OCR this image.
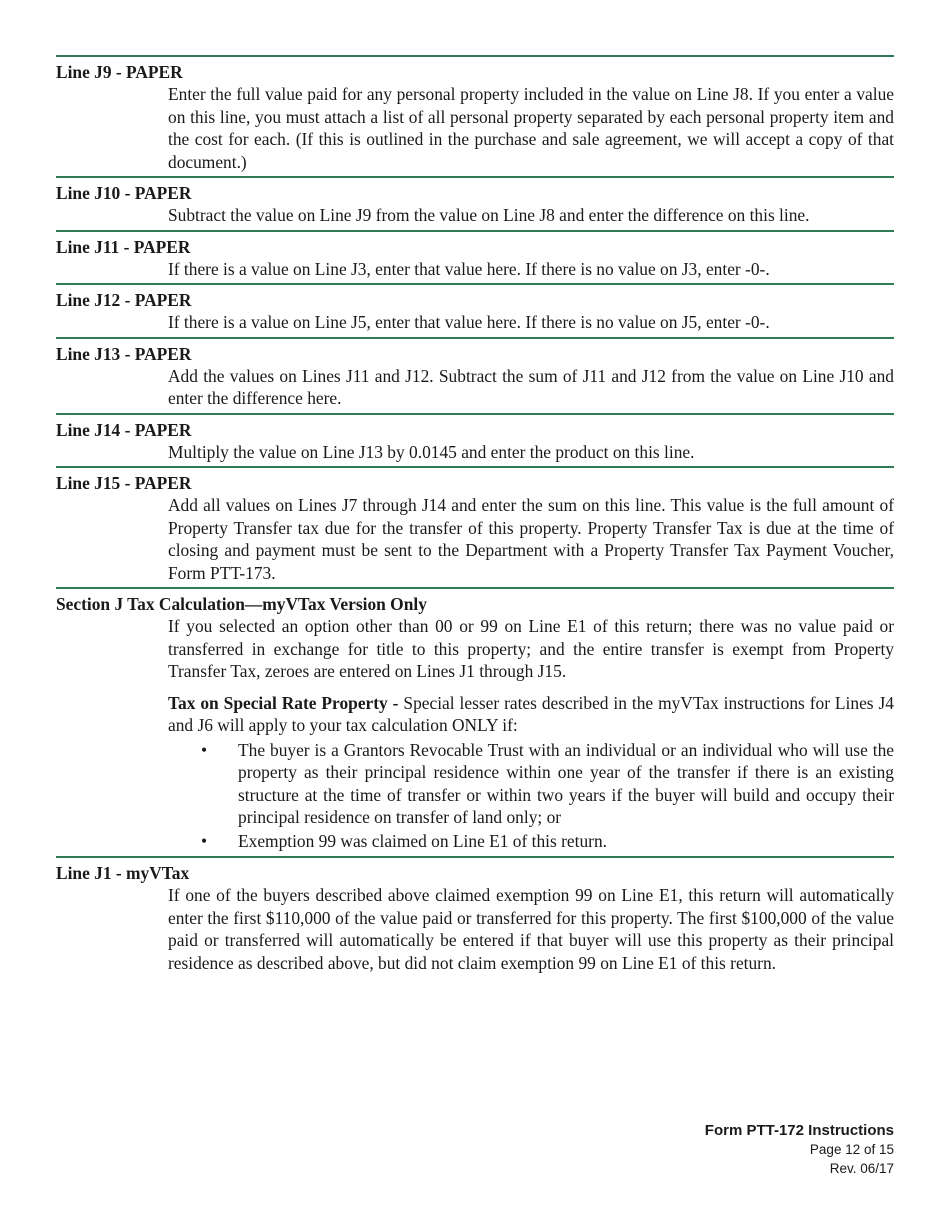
Line J9 - PAPER

Enter the full value paid for any personal property included in the value on Line J8. If you enter a value on this line, you must attach a list of all personal property separated by each personal property item and the cost for each. (If this is outlined in the purchase and sale agreement, we will accept a copy of that document.)

Line J10 - PAPER

Subtract the value on Line J9 from the value on Line J8 and enter the difference on this line.

Line J11 - PAPER

If there is a value on Line J3, enter that value here. If there is no value on J3, enter -0-.

Line J12 - PAPER

If there is a value on Line J5, enter that value here. If there is no value on J5, enter -0-.

Line J13 - PAPER

Add the values on Lines J11 and J12. Subtract the sum of J11 and J12 from the value on Line J10 and enter the difference here.

Line J14 - PAPER

Multiply the value on Line J13 by 0.0145 and enter the product on this line.

Line J15 - PAPER

Add all values on Lines J7 through J14 and enter the sum on this line. This value is the full amount of Property Transfer tax due for the transfer of this property. Property Transfer Tax is due at the time of closing and payment must be sent to the Department with a Property Transfer Tax Payment Voucher, Form PTT-173.

Section J Tax Calculation—myVTax Version Only

If you selected an option other than 00 or 99 on Line E1 of this return; there was no value paid or transferred in exchange for title to this property; and the entire transfer is exempt from Property Transfer Tax, zeroes are entered on Lines J1 through J15.

Tax on Special Rate Property - Special lesser rates described in the myVTax instructions for Lines J4 and J6 will apply to your tax calculation ONLY if:

• The buyer is a Grantors Revocable Trust with an individual or an individual who will use the property as their principal residence within one year of the transfer if there is an existing structure at the time of transfer or within two years if the buyer will build and occupy their principal residence on transfer of land only; or
• Exemption 99 was claimed on Line E1 of this return.
Line J1 - myVTax

If one of the buyers described above claimed exemption 99 on Line E1, this return will automatically enter the first $110,000 of the value paid or transferred for this property. The first $100,000 of the value paid or transferred will automatically be entered if that buyer will use this property as their principal residence as described above, but did not claim exemption 99 on Line E1 of this return.

Form PTT-172 Instructions
Page 12 of 15
Rev. 06/17
